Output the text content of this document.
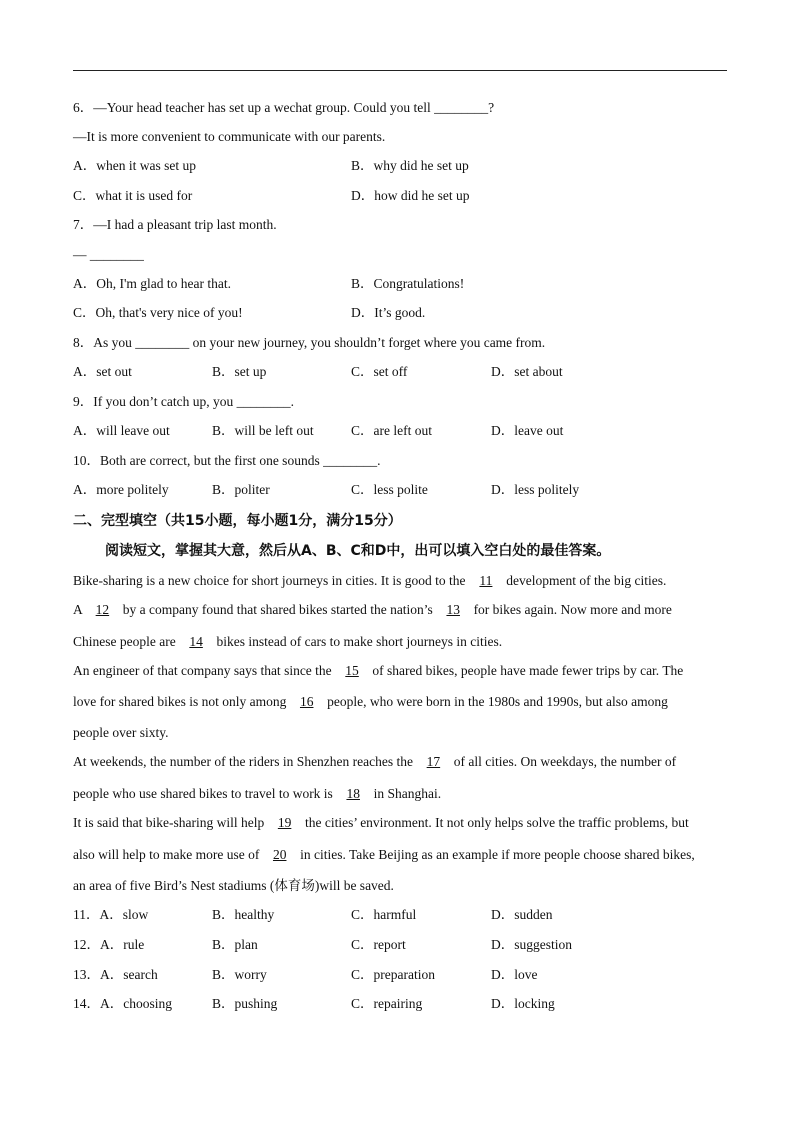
6．—Your head teacher has set up a wechat group. Could you tell ________?
—It is more convenient to communicate with our parents.
A．when it was set up	B．why did he set up
C．what it is used for	D．how did he set up
7．—I had a pleasant trip last month.
— ________
A．Oh, I'm glad to hear that.	B．Congratulations!
C．Oh, that's very nice of you!	D．It’s good.
8．As you ________ on your new journey, you shouldn’t forget where you came from.
A．set out	B．set up	C．set off	D．set about
9．If you don’t catch up, you ________.
A．will leave out	B．will be left out	C．are left out	D．leave out
10．Both are correct, but the first one sounds ________.
A．more politely	B．politer	C．less polite	D．less politely
二、完型填空（共15小题，每小题1分，满分15分）
阅读短文，掌握其大意，然后从A、B、C和D中，出可以填入空白处的最佳答案。
Bike-sharing is a new choice for short journeys in cities. It is good to the 11 development of the big cities.
A 12 by a company found that shared bikes started the nation’s 13 for bikes again. Now more and more
Chinese people are 14 bikes instead of cars to make short journeys in cities.
An engineer of that company says that since the 15 of shared bikes, people have made fewer trips by car. The
love for shared bikes is not only among 16 people, who were born in the 1980s and 1990s, but also among
people over sixty.
At weekends, the number of the riders in Shenzhen reaches the 17 of all cities. On weekdays, the number of
people who use shared bikes to travel to work is 18 in Shanghai.
It is said that bike-sharing will help 19 the cities’ environment. It not only helps solve the traffic problems, but
also will help to make more use of 20 in cities. Take Beijing as an example if more people choose shared bikes,
an area of five Bird’s Nest stadiums (体育场)will be saved.
11．A．slow	B．healthy	C．harmful	D．sudden
12．A．rule	B．plan	C．report	D．suggestion
13．A．search	B．worry	C．preparation	D．love
14．A．choosing	B．pushing	C．repairing	D．locking
